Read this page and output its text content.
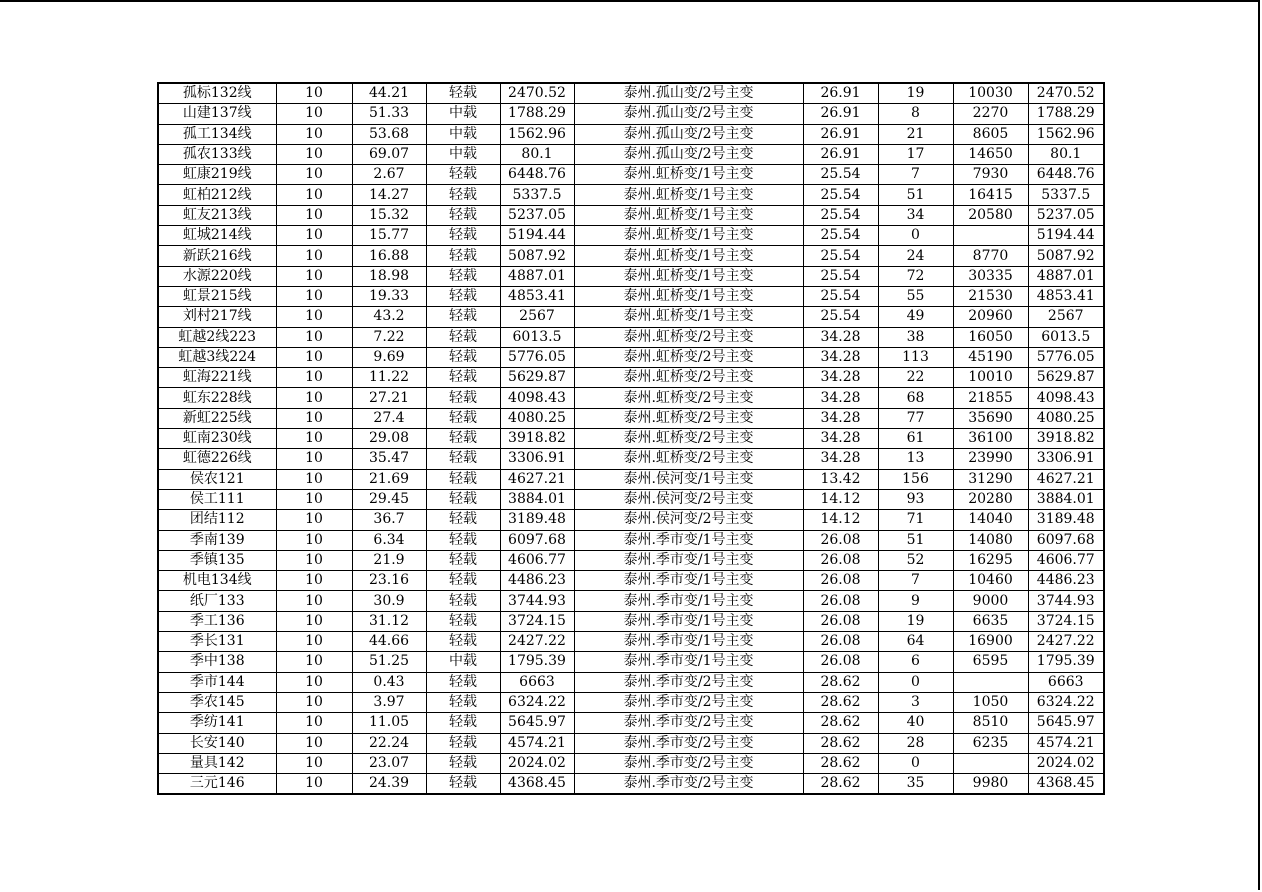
孤标132线	10	44.21	轻载	2470.52	泰州.孤山变/2号主变	26.91	19	10030	2470.52
山建137线	10	51.33	中载	1788.29	泰州.孤山变/2号主变	26.91	8	2270	1788.29
孤工134线	10	53.68	中载	1562.96	泰州.孤山变/2号主变	26.91	21	8605	1562.96
孤农133线	10	69.07	中载	80.1	泰州.孤山变/2号主变	26.91	17	14650	80.1
虹康219线	10	2.67	轻载	6448.76	泰州.虹桥变/1号主变	25.54	7	7930	6448.76
虹柏212线	10	14.27	轻载	5337.5	泰州.虹桥变/1号主变	25.54	51	16415	5337.5
虹友213线	10	15.32	轻载	5237.05	泰州.虹桥变/1号主变	25.54	34	20580	5237.05
虹城214线	10	15.77	轻载	5194.44	泰州.虹桥变/1号主变	25.54	0		5194.44
新跃216线	10	16.88	轻载	5087.92	泰州.虹桥变/1号主变	25.54	24	8770	5087.92
水源220线	10	18.98	轻载	4887.01	泰州.虹桥变/1号主变	25.54	72	30335	4887.01
虹景215线	10	19.33	轻载	4853.41	泰州.虹桥变/1号主变	25.54	55	21530	4853.41
刘村217线	10	43.2	轻载	2567	泰州.虹桥变/1号主变	25.54	49	20960	2567
虹越2线223	10	7.22	轻载	6013.5	泰州.虹桥变/2号主变	34.28	38	16050	6013.5
虹越3线224	10	9.69	轻载	5776.05	泰州.虹桥变/2号主变	34.28	113	45190	5776.05
虹海221线	10	11.22	轻载	5629.87	泰州.虹桥变/2号主变	34.28	22	10010	5629.87
虹东228线	10	27.21	轻载	4098.43	泰州.虹桥变/2号主变	34.28	68	21855	4098.43
新虹225线	10	27.4	轻载	4080.25	泰州.虹桥变/2号主变	34.28	77	35690	4080.25
虹南230线	10	29.08	轻载	3918.82	泰州.虹桥变/2号主变	34.28	61	36100	3918.82
虹德226线	10	35.47	轻载	3306.91	泰州.虹桥变/2号主变	34.28	13	23990	3306.91
侯农121	10	21.69	轻载	4627.21	泰州.侯河变/1号主变	13.42	156	31290	4627.21
侯工111	10	29.45	轻载	3884.01	泰州.侯河变/2号主变	14.12	93	20280	3884.01
团结112	10	36.7	轻载	3189.48	泰州.侯河变/2号主变	14.12	71	14040	3189.48
季南139	10	6.34	轻载	6097.68	泰州.季市变/1号主变	26.08	51	14080	6097.68
季镇135	10	21.9	轻载	4606.77	泰州.季市变/1号主变	26.08	52	16295	4606.77
机电134线	10	23.16	轻载	4486.23	泰州.季市变/1号主变	26.08	7	10460	4486.23
纸厂133	10	30.9	轻载	3744.93	泰州.季市变/1号主变	26.08	9	9000	3744.93
季工136	10	31.12	轻载	3724.15	泰州.季市变/1号主变	26.08	19	6635	3724.15
季长131	10	44.66	轻载	2427.22	泰州.季市变/1号主变	26.08	64	16900	2427.22
季中138	10	51.25	中载	1795.39	泰州.季市变/1号主变	26.08	6	6595	1795.39
季市144	10	0.43	轻载	6663	泰州.季市变/2号主变	28.62	0		6663
季农145	10	3.97	轻载	6324.22	泰州.季市变/2号主变	28.62	3	1050	6324.22
季纺141	10	11.05	轻载	5645.97	泰州.季市变/2号主变	28.62	40	8510	5645.97
长安140	10	22.24	轻载	4574.21	泰州.季市变/2号主变	28.62	28	6235	4574.21
量具142	10	23.07	轻载	2024.02	泰州.季市变/2号主变	28.62	0		2024.02
三元146	10	24.39	轻载	4368.45	泰州.季市变/2号主变	28.62	35	9980	4368.45
